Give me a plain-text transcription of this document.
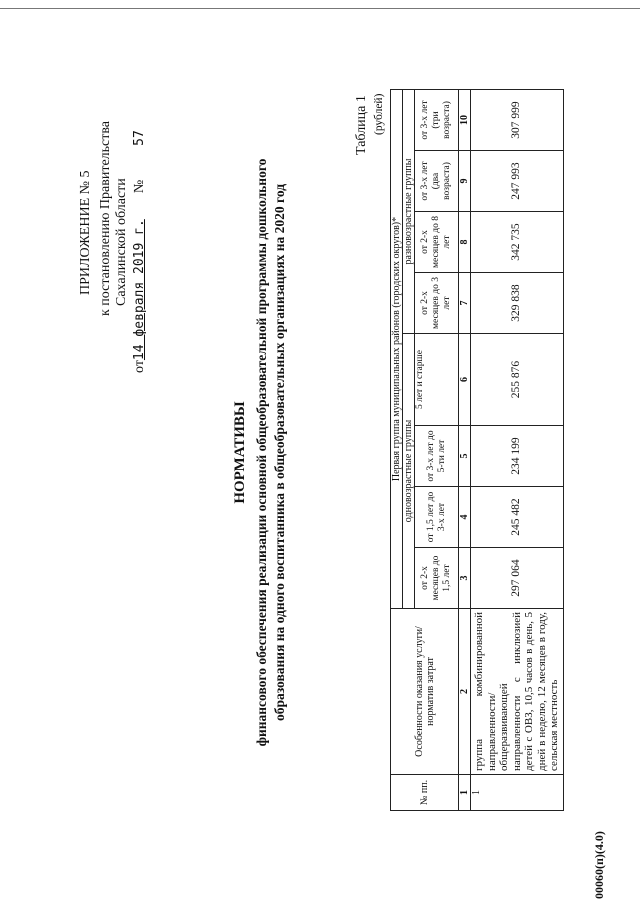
ПРИЛОЖЕНИЕ № 5 к постановлению Правительства Сахалинской области
от14 февраля 2019 г.№57
НОРМАТИВЫ финансового обеспечения реализации основной общеобразовательной программы дошкольного образования на одного воспитанника в общеобразовательных организациях на 2020 год
Таблица 1 (рублей)
№ пп.	Особенности оказания услуги/норматив затрат	Первая группа муниципальных районов (городских округов)*							
		одновозрастные группы				разновозрастные группы			
		от 2-х месяцев до 1,5 лет	от 1,5 лет до 3-х лет	от 3-х лет до 5-ти лет	5 лет и старше	от 2-х месяцев до 3 лет	от 2-х месяцев до 8 лет	от 3-х лет (два возраста)	от 3-х лет (три возраста)
1	2	3	4	5	6	7	8	9	10
1	группа комбинированной направленности/ общеразвивающей направленности с инклюзией детей с ОВЗ, 10,5 часов в день, 5 дней в неделю, 12 месяцев в году, сельская местность	297 064	245 482	234 199	255 876	329 838	342 735	247 993	307 999
00060(п)(4.0)
